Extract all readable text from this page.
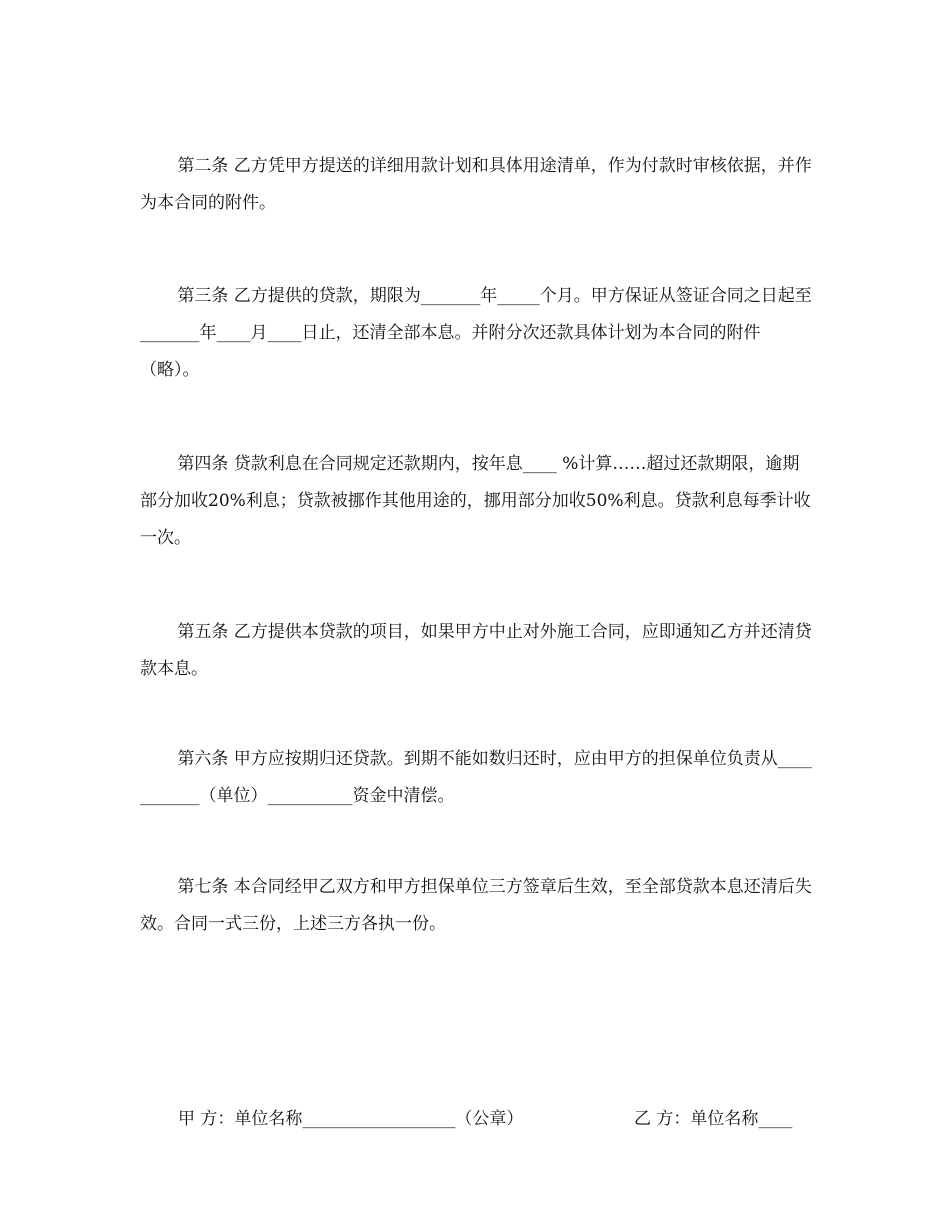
第二条 乙方凭甲方提送的详细用款计划和具体用途清单，作为付款时审核依据，并作为本合同的附件。

第三条 乙方提供的贷款，期限为_______年_____个月。甲方保证从签证合同之日起至_______年____月____日止，还清全部本息。并附分次还款具体计划为本合同的附件（略）。

第四条 贷款利息在合同规定还款期内，按年息____ %计算……超过还款期限，逾期部分加收20%利息；贷款被挪作其他用途的，挪用部分加收50%利息。贷款利息每季计收一次。

第五条 乙方提供本贷款的项目，如果甲方中止对外施工合同，应即通知乙方并还清贷款本息。

第六条 甲方应按期归还贷款。到期不能如数归还时，应由甲方的担保单位负责从___________（单位）__________资金中清偿。

第七条 本合同经甲乙双方和甲方担保单位三方签章后生效，至全部贷款本息还清后失效。合同一式三份，上述三方各执一份。

甲 方：单位名称__________________（公章）	乙 方：单位名称____
